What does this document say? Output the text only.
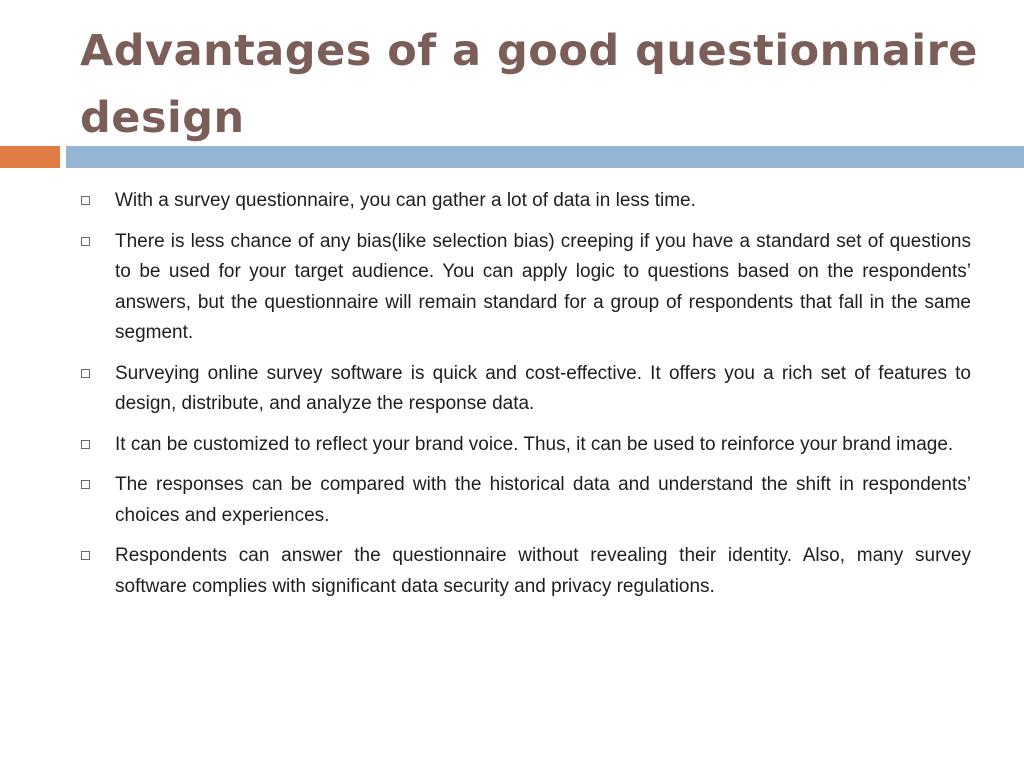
Advantages of a good questionnaire design
With a survey questionnaire, you can gather a lot of data in less time.
There is less chance of any bias(like selection bias) creeping if you have a standard set of questions to be used for your target audience. You can apply logic to questions based on the respondents’ answers, but the questionnaire will remain standard for a group of respondents that fall in the same segment.
Surveying online survey software is quick and cost-effective. It offers you a rich set of features to design, distribute, and analyze the response data.
It can be customized to reflect your brand voice. Thus, it can be used to reinforce your brand image.
The responses can be compared with the historical data and understand the shift in respondents’ choices and experiences.
Respondents can answer the questionnaire without revealing their identity. Also, many survey software complies with significant data security and privacy regulations.
